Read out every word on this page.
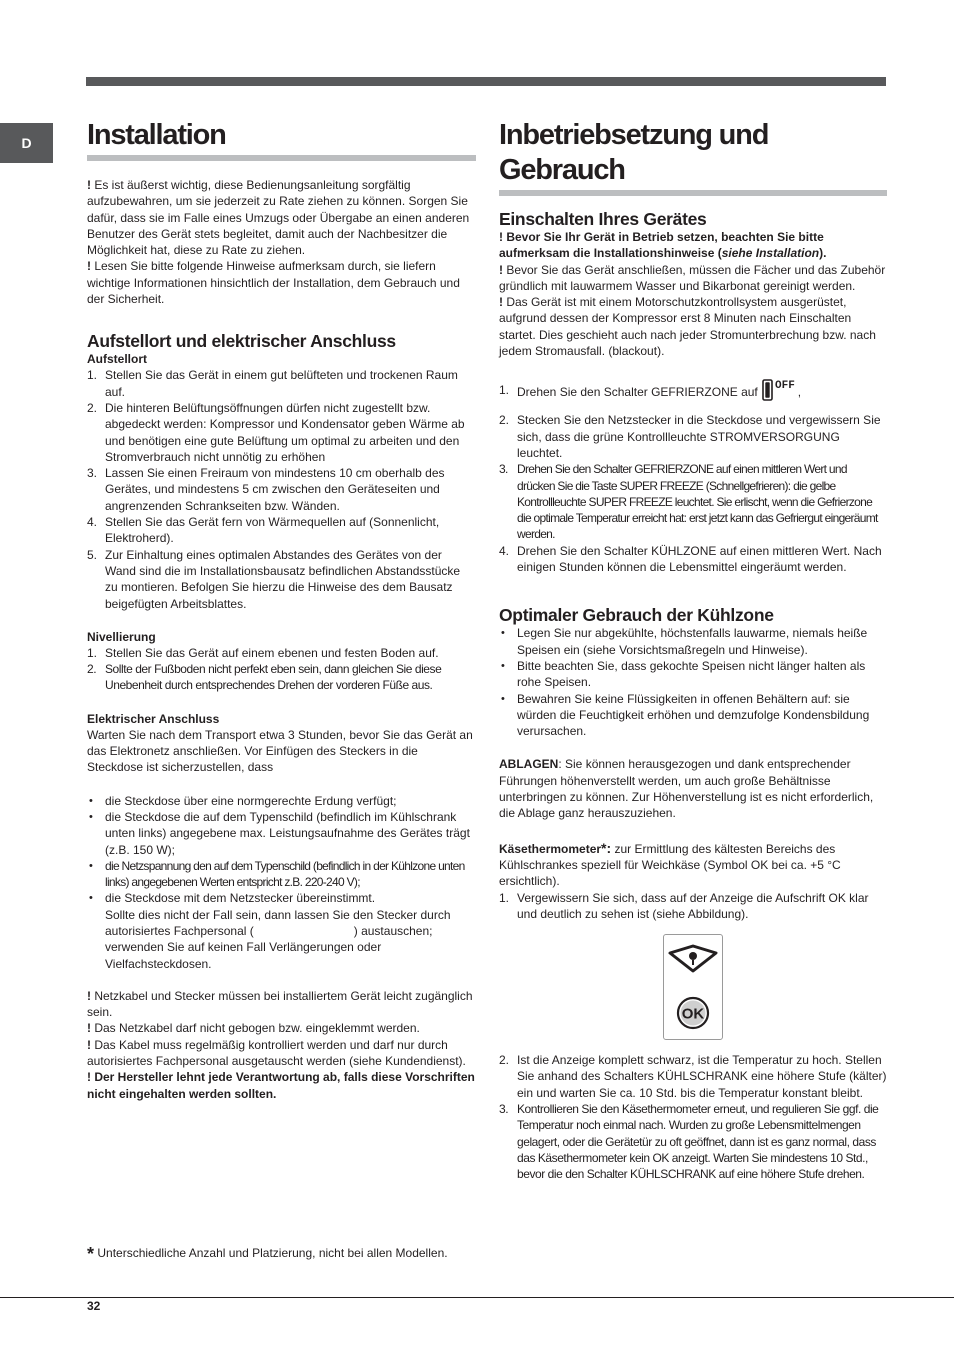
D	Installation

! Es ist äußerst wichtig, diese Bedienungsanleitung sorgfältig aufzubewahren, um sie jederzeit zu Rate ziehen zu können. Sorgen Sie dafür, dass sie im Falle eines Umzugs oder Übergabe an einen anderen Benutzer des Gerät stets begleitet, damit auch der Nachbesitzer die Möglichkeit hat, diese zu Rate zu ziehen.

! Lesen Sie bitte folgende Hinweise aufmerksam durch, sie liefern wichtige Informationen hinsichtlich der Installation, dem Gebrauch und der Sicherheit.

Aufstellort und elektrischer Anschluss
Aufstellort
1. Stellen Sie das Gerät in einem gut belüfteten und trockenen Raum auf.
2. Die hinteren Belüftungsöffnungen dürfen nicht zugestellt bzw. abgedeckt werden: Kompressor und Kondensator geben Wärme ab und benötigen eine gute Belüftung um optimal zu arbeiten und den Stromverbrauch nicht unnötig zu erhöhen
3. Lassen Sie einen Freiraum von mindestens 10 cm oberhalb des Gerätes, und mindestens 5 cm zwischen den Geräteseiten und angrenzenden Schrankseiten bzw. Wänden.
4. Stellen Sie das Gerät fern von Wärmequellen auf (Sonnenlicht, Elektroherd).
5. Zur Einhaltung eines optimalen Abstandes des Gerätes von der Wand sind die im Installationsbausatz befindlichen Abstandsstücke zu montieren. Befolgen Sie hierzu die Hinweise des dem Bausatz beigefügten Arbeitsblattes.
Nivellierung
1. Stellen Sie das Gerät auf einem ebenen und festen Boden auf.
2. Sollte der Fußboden nicht perfekt eben sein, dann gleichen Sie diese Unebenheit durch entsprechendes Drehen der vorderen Füße aus.
Elektrischer Anschluss

Warten Sie nach dem Transport etwa 3 Stunden, bevor Sie das Gerät an das Elektronetz anschließen. Vor Einfügen des Steckers in die Steckdose ist sicherzustellen, dass

• die Steckdose über eine normgerechte Erdung verfügt;
• die Steckdose die auf dem Typenschild (befindlich im Kühlschrank unten links) angegebene max. Leistungsaufnahme des Gerätes trägt (z.B. 150 W);
• die Netzspannung den auf dem Typenschild (befindlich in der Kühlzone unten links) angegebenen Werten entspricht z.B. 220-240 V);
• die Steckdose mit dem Netzstecker übereinstimmt.

Sollte dies nicht der Fall sein, dann lassen Sie den Stecker durch autorisiertes Fachpersonal (                              ) austauschen; verwenden Sie auf keinen Fall Verlängerungen oder Vielfachsteckdosen.

! Netzkabel und Stecker müssen bei installiertem Gerät leicht zugänglich sein.

! Das Netzkabel darf nicht gebogen bzw. eingeklemmt werden.

! Das Kabel muss regelmäßig kontrolliert werden und darf nur durch autorisiertes Fachpersonal ausgetauscht werden (siehe Kundendienst).

! Der Hersteller lehnt jede Verantwortung ab, falls diese Vorschriften nicht eingehalten werden sollten.

Inbetriebsetzung und
Gebrauch
Einschalten Ihres Gerätes

! Bevor Sie Ihr Gerät in Betrieb setzen, beachten Sie bitte aufmerksam die Installationshinweise (siehe Installation).

! Bevor Sie das Gerät anschließen, müssen die Fächer und das Zubehör gründlich mit lauwarmem Wasser und Bikarbonat gereinigt werden.

! Das Gerät ist mit einem Motorschutzkontrollsystem ausgerüstet, aufgrund dessen der Kompressor erst 8 Minuten nach Einschalten startet. Dies geschieht auch nach jeder Stromunterbrechung bzw. nach jedem Stromausfall. (blackout).

1. Drehen Sie den Schalter GEFRIERZONE auf OFF ,
2. Stecken Sie den Netzstecker in die Steckdose und vergewissern Sie sich, dass die grüne Kontrollleuchte STROMVERSORGUNG leuchtet.
3. Drehen Sie den Schalter GEFRIERZONE auf einen mittleren Wert und drücken Sie die Taste SUPER FREEZE (Schnellgefrieren): die gelbe Kontrollleuchte SUPER FREEZE leuchtet. Sie erlischt, wenn die Gefrierzone die optimale Temperatur erreicht hat: erst jetzt kann das Gefriergut eingeräumt werden.
4. Drehen Sie den Schalter KÜHLZONE auf einen mittleren Wert. Nach einigen Stunden können die Lebensmittel eingeräumt werden.
Optimaler Gebrauch der Kühlzone
• Legen Sie nur abgekühlte, höchstenfalls lauwarme, niemals heiße Speisen ein (siehe Vorsichtsmaßregeln und Hinweise).
• Bitte beachten Sie, dass gekochte Speisen nicht länger halten als rohe Speisen.
• Bewahren Sie keine Flüssigkeiten in offenen Behältern auf: sie würden die Feuchtigkeit erhöhen und demzufolge Kondensbildung verursachen.

ABLAGEN: Sie können herausgezogen und dank entsprechender Führungen höhenverstellt werden, um auch große Behältnisse unterbringen zu können. Zur Höhenverstellung ist es nicht erforderlich, die Ablage ganz herauszuziehen.

Käsethermometer*: zur Ermittlung des kältesten Bereichs des Kühlschrankes speziell für Weichkäse (Symbol OK bei ca. +5 °C ersichtlich).

1. Vergewissern Sie sich, dass auf der Anzeige die Aufschrift OK klar und deutlich zu sehen ist (siehe Abbildung).
OK
2. Ist die Anzeige komplett schwarz, ist die Temperatur zu hoch. Stellen Sie anhand des Schalters KÜHLSCHRANK eine höhere Stufe (kälter) ein und warten Sie ca. 10 Std. bis die Temperatur konstant bleibt.
3. Kontrollieren Sie den Käsethermometer erneut, und regulieren Sie ggf. die Temperatur noch einmal nach. Wurden zu große Lebensmittelmengen gelagert, oder die Gerätetür zu oft geöffnet, dann ist es ganz normal, dass das Käsethermometer kein OK anzeigt. Warten Sie mindestens 10 Std., bevor die den Schalter KÜHLSCHRANK auf eine höhere Stufe drehen.
* Unterschiedliche Anzahl und Platzierung, nicht bei allen Modellen.
32
